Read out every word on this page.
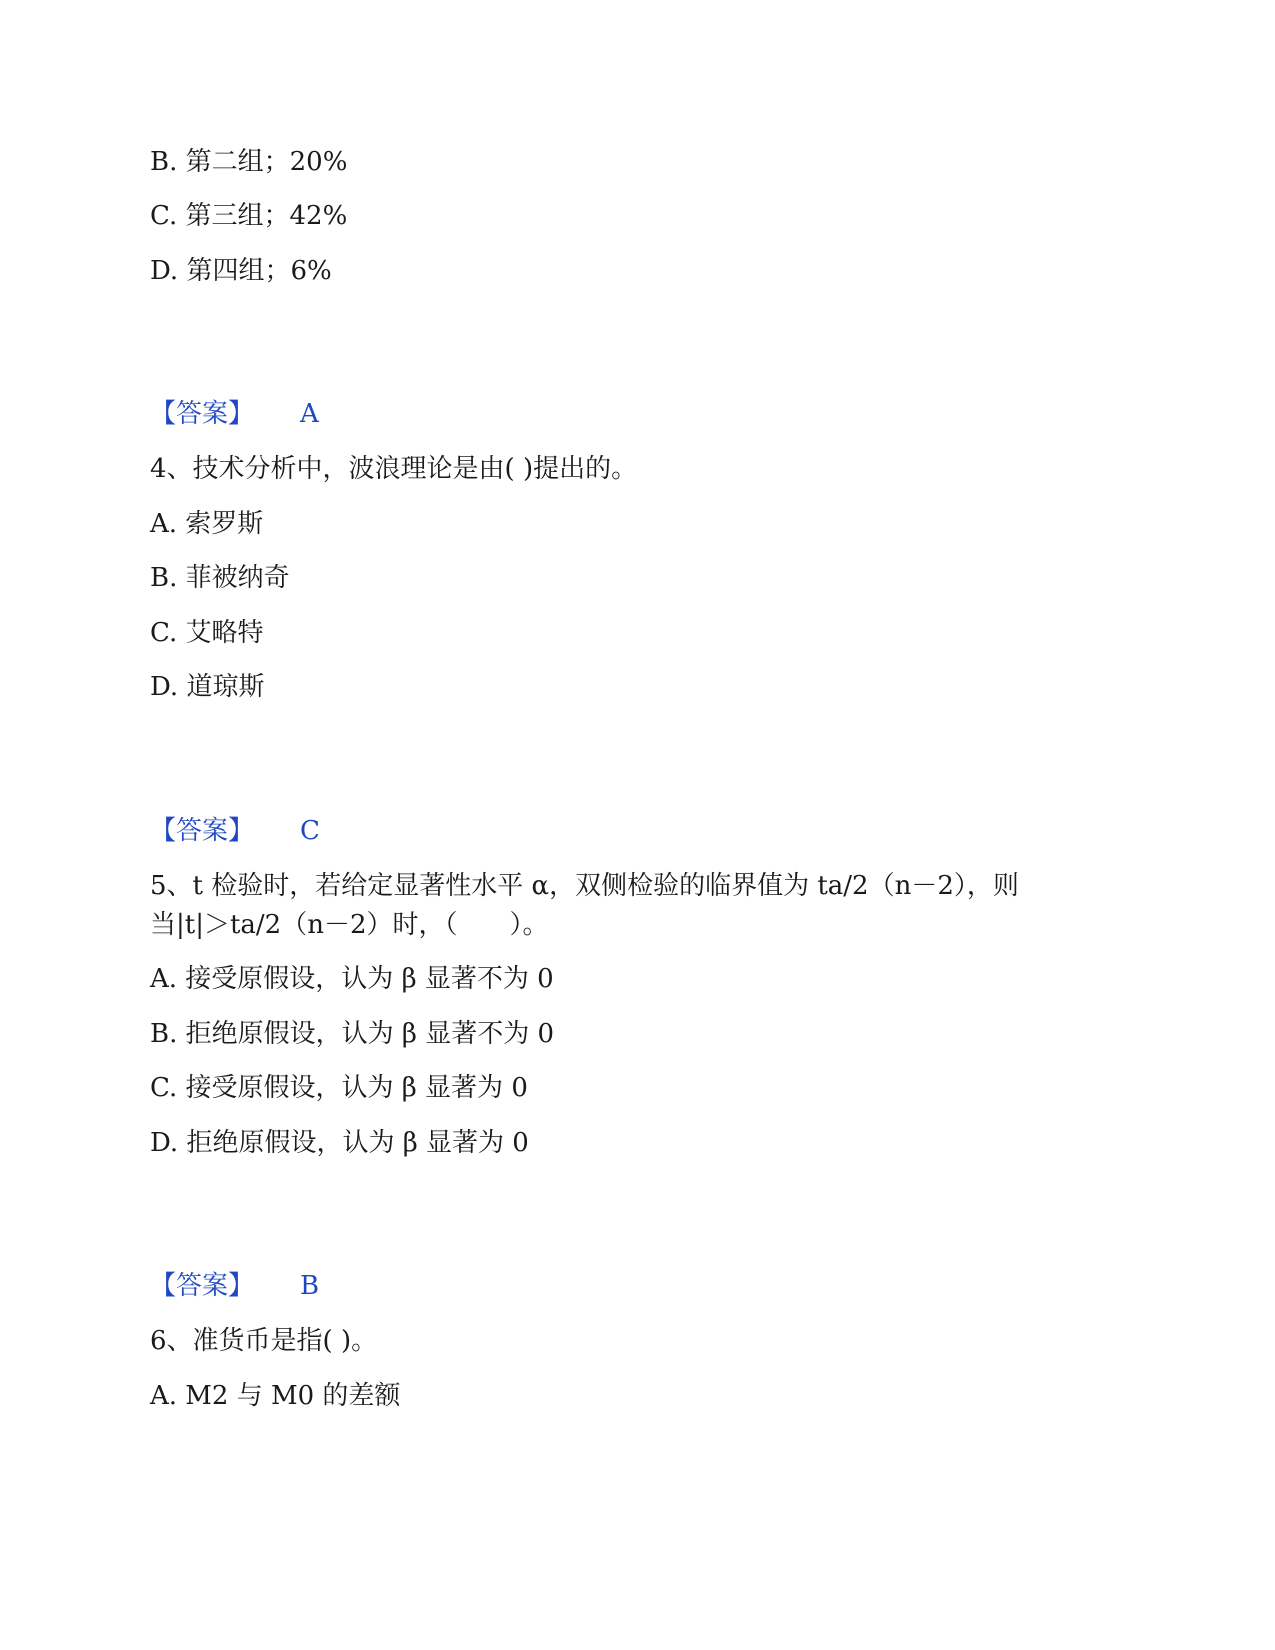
B. 第二组；20%
C. 第三组；42%
D. 第四组；6%
【答案】 A
4、技术分析中，波浪理论是由( )提出的。
A. 索罗斯
B. 菲被纳奇
C. 艾略特
D. 道琼斯
【答案】 C
5、t 检验时，若给定显著性水平 α，双侧检验的临界值为 ta/2（n－2），则
当|t|＞ta/2（n－2）时，（　　）。
A. 接受原假设，认为 β 显著不为 0
B. 拒绝原假设，认为 β 显著不为 0
C. 接受原假设，认为 β 显著为 0
D. 拒绝原假设，认为 β 显著为 0
【答案】 B
6、准货币是指( )。
A. M2 与 M0 的差额
